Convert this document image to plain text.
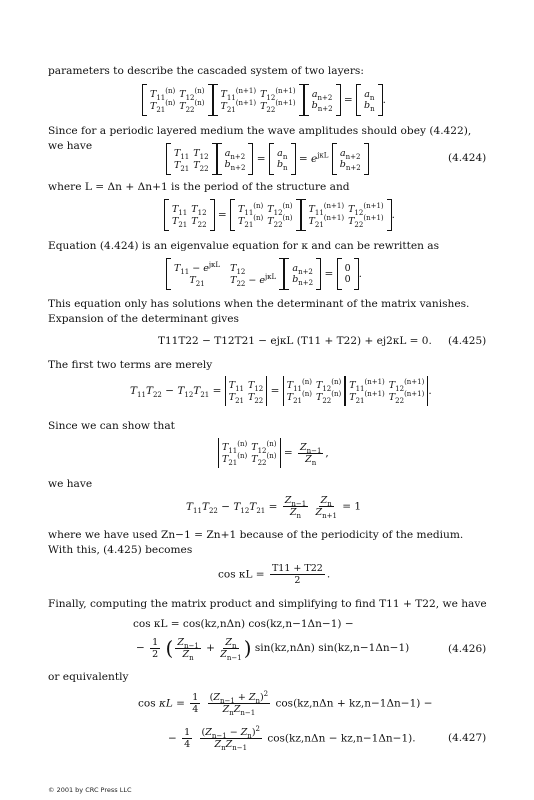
parameters to describe the cascaded system of two layers:
$T_{11}^{(n)}$ $T_{12}^{(n)}$
$T_{21}^{(n)}$ $T_{22}^{(n)}$
$T_{11}^{(n+1)}$ $T_{12}^{(n+1)}$
$T_{21}^{(n+1)}$ $T_{22}^{(n+1)}$
$a_{n+2}$
$b_{n+2}$
= $a_n$
$b_n$
.
Since for a periodic layered medium the wave amplitudes should obey (4.422), we have
$T_{11}$ $T_{12}$
$T_{21}$ $T_{22}$
$a_{n+2}$
$b_{n+2}$
= $a_n$
$b_n$
= $e^{j\kappa L}$ $a_{n+2}$
$b_{n+2}$
(4.424)
where L = Δn + Δn+1 is the period of the structure and
$T_{11}$ $T_{12}$
$T_{21}$ $T_{22}$
= $T_{11}^{(n)}$ $T_{12}^{(n)}$
$T_{21}^{(n)}$ $T_{22}^{(n)}$
$T_{11}^{(n+1)}$ $T_{12}^{(n+1)}$
$T_{21}^{(n+1)}$ $T_{22}^{(n+1)}$ .
Equation (4.424) is an eigenvalue equation for κ and can be rewritten as
$T_{11} - e^{j\kappa L}$ $T_{12}$
$T_{21}$	$T_{22} - e^{j\kappa L}$
$a_{n+2}$
$b_{n+2}$
= 0
0 .
This equation only has solutions when the determinant of the matrix vanishes. Expansion of the determinant gives
T11T22 − T12T21 − ejκL (T11 + T22) + ej2κL = 0. (4.425)
The first two terms are merely
$T_{11}T_{22} - T_{12}T_{21} = T_{11}$ $T_{12}$
$T_{21}$ $T_{22}$
= $T_{11}^{(n)}$ $T_{12}^{(n)}$
$T_{21}^{(n)}$ $T_{22}^{(n)}$
$T_{11}^{(n+1)}$ $T_{12}^{(n+1)}$
$T_{21}^{(n+1)}$ $T_{22}^{(n+1)}$ .
Since we can show that
$T_{11}^{(n)}$ $T_{12}^{(n)}$
$T_{21}^{(n)}$ $T_{22}^{(n)} = \frac{Z_{n-1}}{Z_n}$ ,
we have
$T_{11}T_{22} - T_{12}T_{21} = \frac{Z_{n-1}}{Z_n}$
$\frac{Z_n}{Z_{n+1}} = 1$
where we have used Zn−1 = Zn+1 because of the periodicity of the medium. With this, (4.425) becomes
$\cos \kappa L = \frac{T11 + T22}{2}$ .
Finally, computing the matrix product and simplifying to find T11 + T22, we have
cos κL = cos(kz,nΔn) cos(kz,n−1Δn−1) −
− $\frac{1}{2}$ ( $\frac{Z_{n-1}}{Z_n} + \frac{Z_n}{Z_{n-1}}$ ) sin(kz,nΔn) sin(kz,n−1Δn−1)	(4.426)
or equivalently
$\cos \kappa L = \frac{1}{4}$
$\frac{(Z_{n-1} + Z_n)^2}{Z_nZ_{n-1}} \cos(kz,n\Delta n + kz,n-1\Delta n-1)$ −
− $\frac{1}{4}$
$\frac{(Z_{n-1} - Z_n)^2}{Z_nZ_{n-1}} \cos(kz,n\Delta n - kz,n-1\Delta n-1)$.	(4.427)
© 2001 by CRC Press LLC
